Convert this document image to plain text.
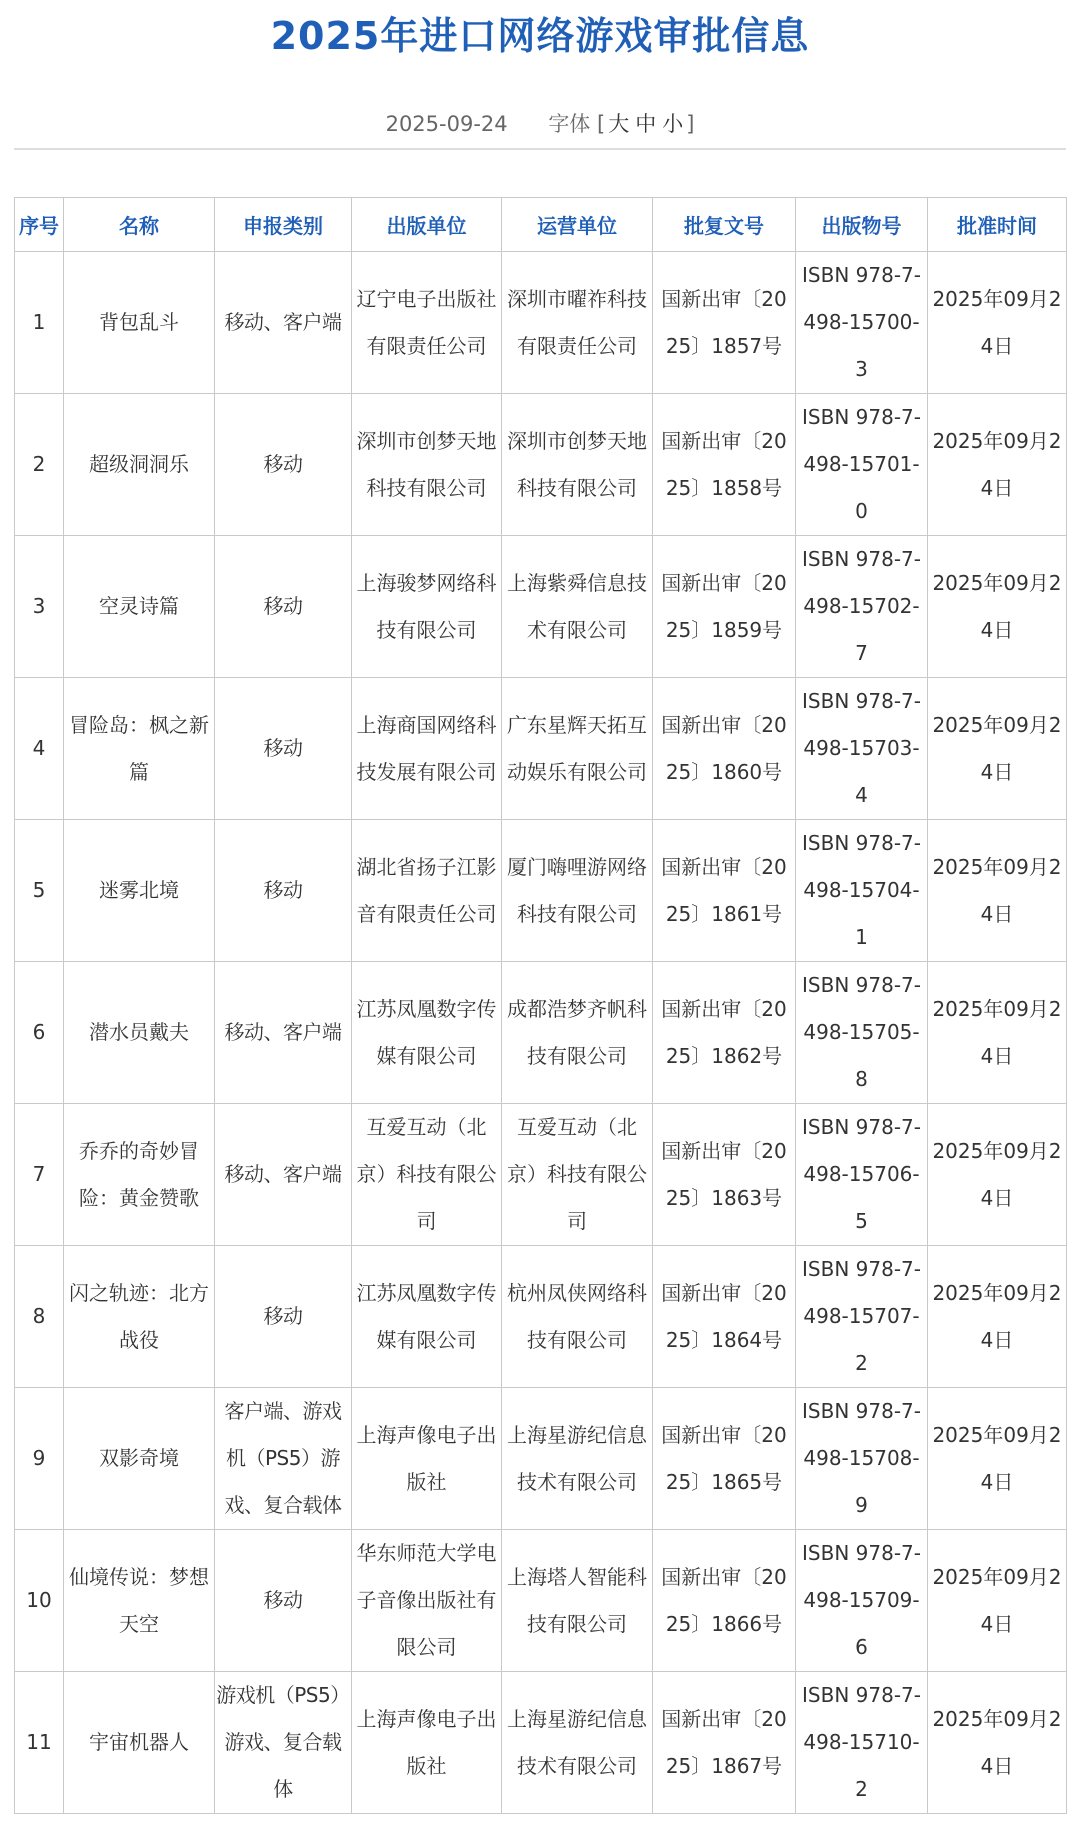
2025年进口网络游戏审批信息
2025-09-24 字体 [ 大 中 小 ]
序号	名称	申报类别	出版单位	运营单位	批复文号	出版物号	批准时间
1	背包乱斗	移动、客户端	辽宁电子出版社有限责任公司	深圳市曜祚科技有限责任公司	国新出审〔2025〕1857号	ISBN 978-7-498-15700-3	2025年09月24日
2	超级洞洞乐	移动	深圳市创梦天地科技有限公司	深圳市创梦天地科技有限公司	国新出审〔2025〕1858号	ISBN 978-7-498-15701-0	2025年09月24日
3	空灵诗篇	移动	上海骏梦网络科技有限公司	上海紫舜信息技术有限公司	国新出审〔2025〕1859号	ISBN 978-7-498-15702-7	2025年09月24日
4	冒险岛：枫之新篇	移动	上海商国网络科技发展有限公司	广东星辉天拓互动娱乐有限公司	国新出审〔2025〕1860号	ISBN 978-7-498-15703-4	2025年09月24日
5	迷雾北境	移动	湖北省扬子江影音有限责任公司	厦门嗨哩游网络科技有限公司	国新出审〔2025〕1861号	ISBN 978-7-498-15704-1	2025年09月24日
6	潜水员戴夫	移动、客户端	江苏凤凰数字传媒有限公司	成都浩梦齐帆科技有限公司	国新出审〔2025〕1862号	ISBN 978-7-498-15705-8	2025年09月24日
7	乔乔的奇妙冒险：黄金赞歌	移动、客户端	互爱互动（北京）科技有限公司	互爱互动（北京）科技有限公司	国新出审〔2025〕1863号	ISBN 978-7-498-15706-5	2025年09月24日
8	闪之轨迹：北方战役	移动	江苏凤凰数字传媒有限公司	杭州凤侠网络科技有限公司	国新出审〔2025〕1864号	ISBN 978-7-498-15707-2	2025年09月24日
9	双影奇境	客户端、游戏机（PS5）游戏、复合载体	上海声像电子出版社	上海星游纪信息技术有限公司	国新出审〔2025〕1865号	ISBN 978-7-498-15708-9	2025年09月24日
10	仙境传说：梦想天空	移动	华东师范大学电子音像出版社有限公司	上海塔人智能科技有限公司	国新出审〔2025〕1866号	ISBN 978-7-498-15709-6	2025年09月24日
11	宇宙机器人	游戏机（PS5）游戏、复合载体	上海声像电子出版社	上海星游纪信息技术有限公司	国新出审〔2025〕1867号	ISBN 978-7-498-15710-2	2025年09月24日
